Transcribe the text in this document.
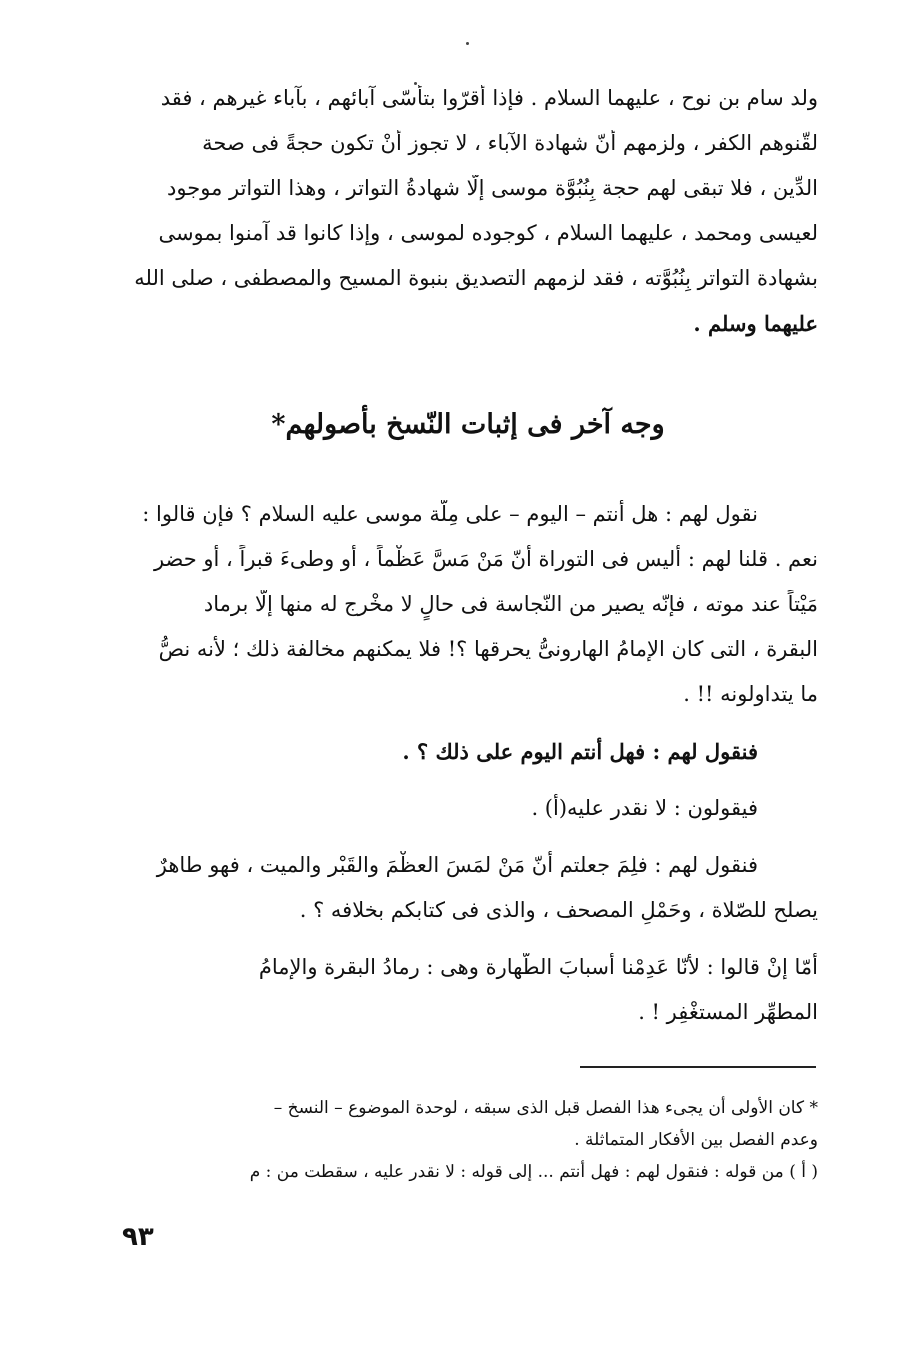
ولد سام بن نوح ، عليهما السلام . فإذا أقرّوا بتأسّى آبائهم ، بآباء غيرهم ، فقد
لقّنوهم الكفر ، ولزمهم أنّ شهادة الآباء ، لا تجوز أنْ تكون حجةً فى صحة
الدِّين ، فلا تبقى لهم حجة بِنُبُوَّة موسى إلّا شهادةُ التواتر ، وهذا التواتر موجود
لعيسى ومحمد ، عليهما السلام ، كوجوده لموسى ، وإذا كانوا قد آمنوا بموسى
بشهادة التواتر بِنُبُوَّته ، فقد لزمهم التصديق بنبوة المسيح والمصطفى ، صلى الله
عليهما وسلم .
وجه آخر فى إثبات النّسخ بأصولهم*
نقول لهم : هل أنتم – اليوم – على مِلّة موسى عليه السلام ؟ فإن قالوا :
نعم . قلنا لهم : أليس فى التوراة أنّ مَنْ مَسَّ عَظْماً ، أو وطىءَ قبراً ، أو حضر
مَيْتاً عند موته ، فإنّه يصير من النّجاسة فى حالٍ لا مخْرج له منها إلّا برماد
البقرة ، التى كان الإمامُ الهارونىُّ يحرقها ؟! فلا يمكنهم مخالفة ذلك ؛ لأنه نصُّ
ما يتداولونه !! .
فنقول لهم : فهل أنتم اليوم على ذلك ؟ .
فيقولون : لا نقدر عليه(أ) .
فنقول لهم : فلِمَ جعلتم أنّ مَنْ لمَسَ العظْمَ والقَبْر والميت ، فهو طاهرٌ
يصلح للصّلاة ، وحَمْلِ المصحف ، والذى فى كتابكم بخلافه ؟ .
أمّا إنْ قالوا : لأنّا عَدِمْنا أسبابَ الطّهارة وهى : رمادُ البقرة والإمامُ
المطهِّر المستغْفِر ! .
* كان الأولى أن يجىء هذا الفصل قبل الذى سبقه ، لوحدة الموضوع – النسخ –
وعدم الفصل بين الأفكار المتماثلة .
( أ ) من قوله : فنقول لهم : فهل أنتم ... إلى قوله : لا نقدر عليه ، سقطت من : م
٩٣
